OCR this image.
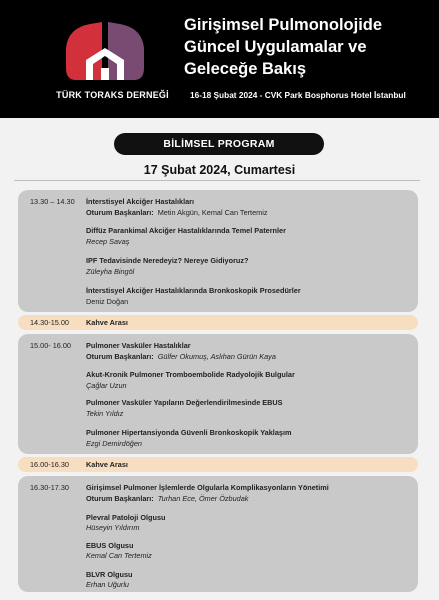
TÜRK TORAKS DERNEĞİ
Girişimsel Pulmonolojide
Güncel Uygulamalar ve
Geleceğe Bakış
16-18 Şubat 2024 - CVK Park Bosphorus Hotel İstanbul
BİLİMSEL PROGRAM
17 Şubat 2024, Cumartesi
13.30 – 14.30 İnterstisyel Akciğer Hastalıkları
Oturum Başkanları: Metin Akgün, Kemal Can Tertemiz
Diffüz Parankimal Akciğer Hastalıklarında Temel Paternler
Recep Savaş
IPF Tedavisinde Neredeyiz? Nereye Gidiyoruz?
Züleyha Bingöl
İnterstisyel Akciğer Hastalıklarında Bronkoskopik Prosedürler
Deniz Doğan
14.30-15.00 Kahve Arası
15.00- 16.00 Pulmoner Vasküler Hastalıklar
Oturum Başkanları: Gülfer Okumuş, Aslıhan Gürün Kaya
Akut-Kronik Pulmoner Tromboembolide Radyolojik Bulgular
Çağlar Uzun
Pulmoner Vasküler Yapıların Değerlendirilmesinde EBUS
Tekin Yıldız
Pulmoner Hipertansiyonda Güvenli Bronkoskopik Yaklaşım
Ezgi Demirdöğen
16.00-16.30 Kahve Arası
16.30-17.30 Girişimsel Pulmoner İşlemlerde Olgularla Komplikasyonların Yönetimi
Oturum Başkanları: Turhan Ece, Ömer Özbudak
Plevral Patoloji Olgusu
Hüseyin Yıldırım
EBUS Olgusu
Kemal Can Tertemiz
BLVR Olgusu
Erhan Uğurlu
